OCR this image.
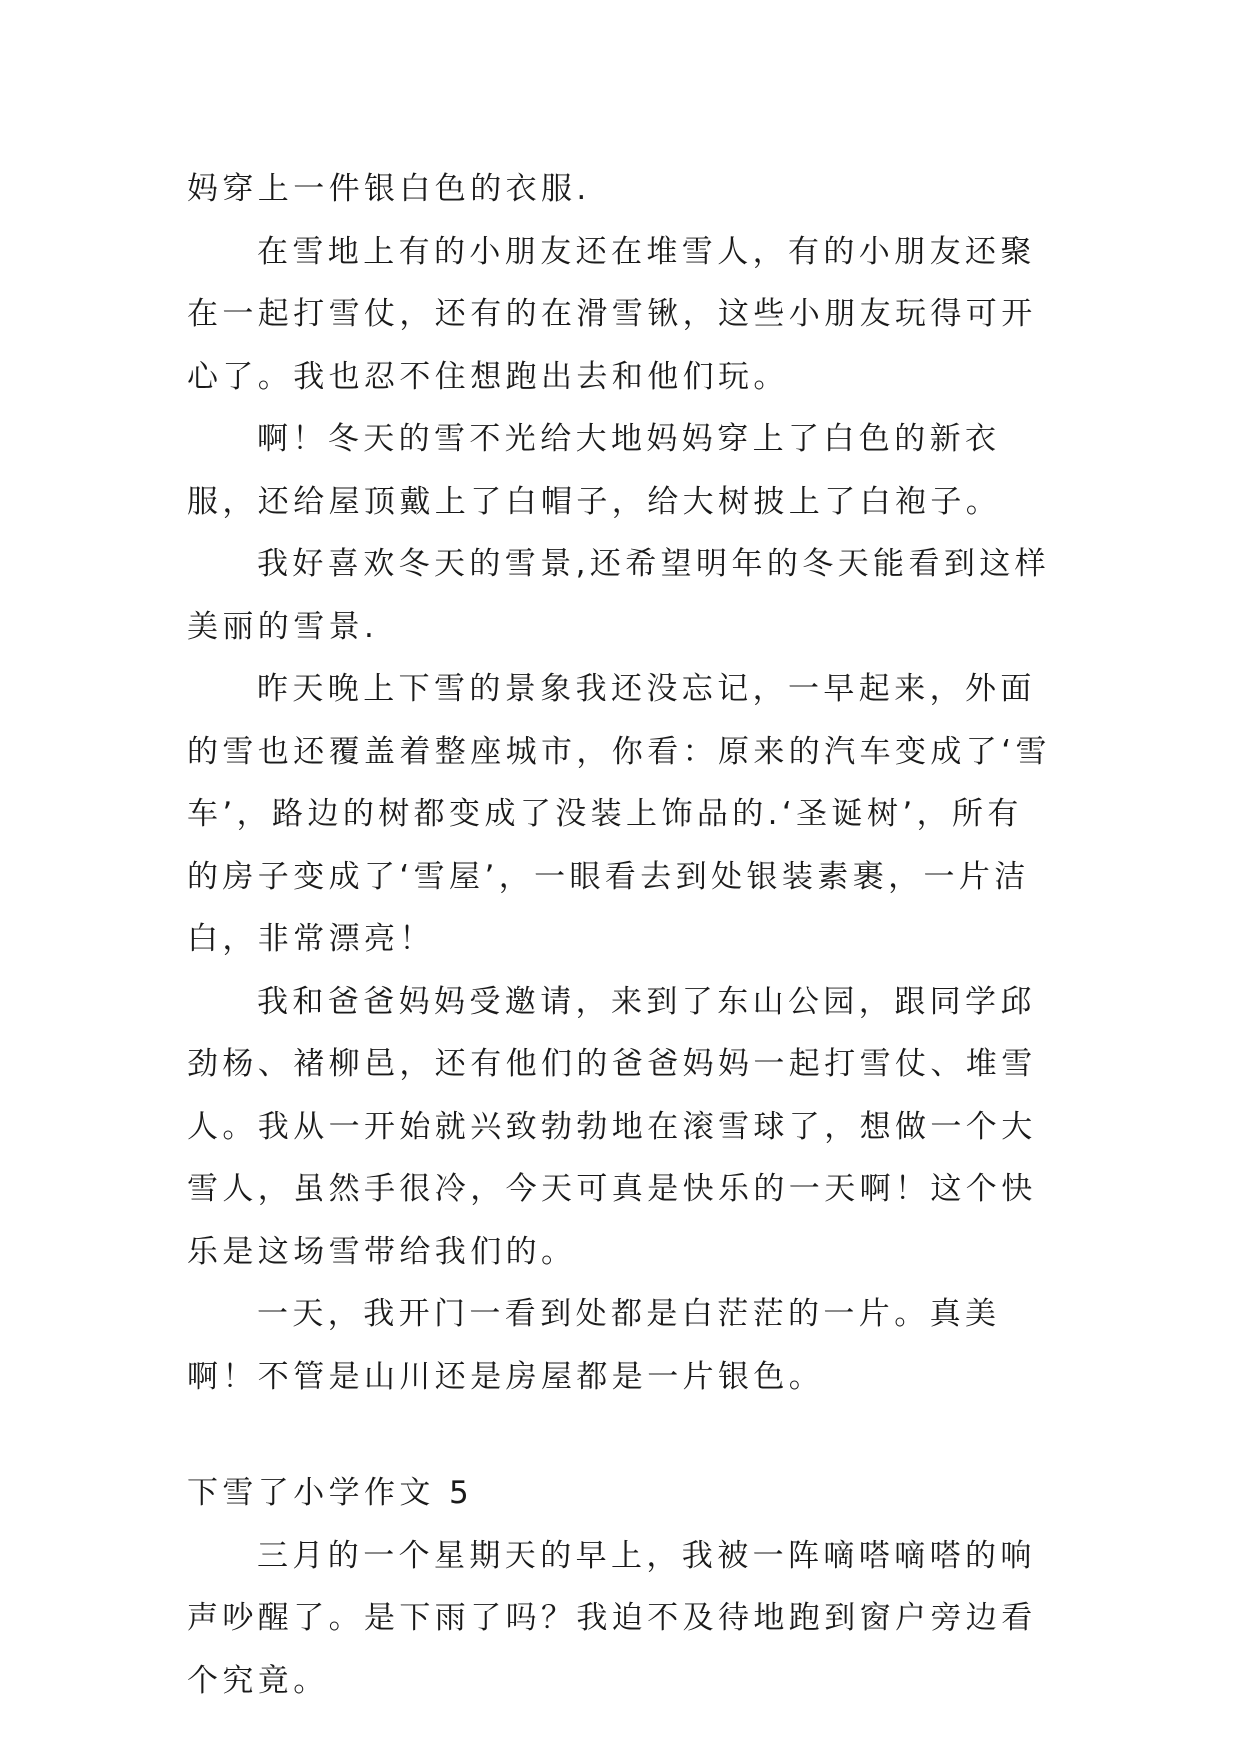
妈穿上一件银白色的衣服.

在雪地上有的小朋友还在堆雪人，有的小朋友还聚在一起打雪仗，还有的在滑雪锹，这些小朋友玩得可开心了。我也忍不住想跑出去和他们玩。

啊！冬天的雪不光给大地妈妈穿上了白色的新衣服，还给屋顶戴上了白帽子，给大树披上了白袍子。

我好喜欢冬天的雪景,还希望明年的冬天能看到这样美丽的雪景.

昨天晚上下雪的景象我还没忘记，一早起来，外面的雪也还覆盖着整座城市，你看：原来的汽车变成了‘雪车’，路边的树都变成了没装上饰品的.‘圣诞树’，所有的房子变成了‘雪屋’，一眼看去到处银装素裹，一片洁白，非常漂亮！

我和爸爸妈妈受邀请，来到了东山公园，跟同学邱劲杨、褚柳邑，还有他们的爸爸妈妈一起打雪仗、堆雪人。我从一开始就兴致勃勃地在滚雪球了，想做一个大雪人，虽然手很冷，今天可真是快乐的一天啊！这个快乐是这场雪带给我们的。

一天，我开门一看到处都是白茫茫的一片。真美啊！不管是山川还是房屋都是一片银色。

下雪了小学作文 5

三月的一个星期天的早上，我被一阵嘀嗒嘀嗒的响声吵醒了。是下雨了吗？我迫不及待地跑到窗户旁边看个究竟。
